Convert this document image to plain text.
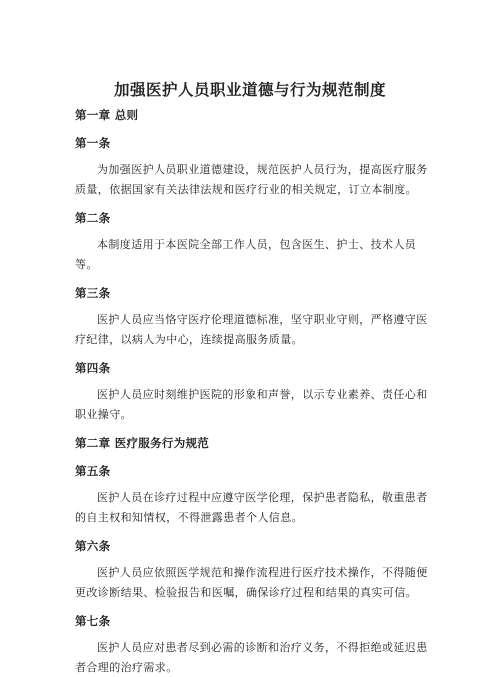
加强医护人员职业道德与行为规范制度

第一章 总则

第一条

为加强医护人员职业道德建设，规范医护人员行为，提高医疗服务质量，依据国家有关法律法规和医疗行业的相关规定，订立本制度。

第二条

本制度适用于本医院全部工作人员，包含医生、护士、技术人员等。

第三条

医护人员应当恪守医疗伦理道德标准，坚守职业守则，严格遵守医疗纪律，以病人为中心，连续提高服务质量。

第四条

医护人员应时刻维护医院的形象和声誉，以示专业素养、责任心和职业操守。

第二章 医疗服务行为规范

第五条

医护人员在诊疗过程中应遵守医学伦理，保护患者隐私，敬重患者的自主权和知情权，不得泄露患者个人信息。

第六条

医护人员应依照医学规范和操作流程进行医疗技术操作，不得随便更改诊断结果、检验报告和医嘱，确保诊疗过程和结果的真实可信。

第七条

医护人员应对患者尽到必需的诊断和治疗义务，不得拒绝或延迟患者合理的治疗需求。
